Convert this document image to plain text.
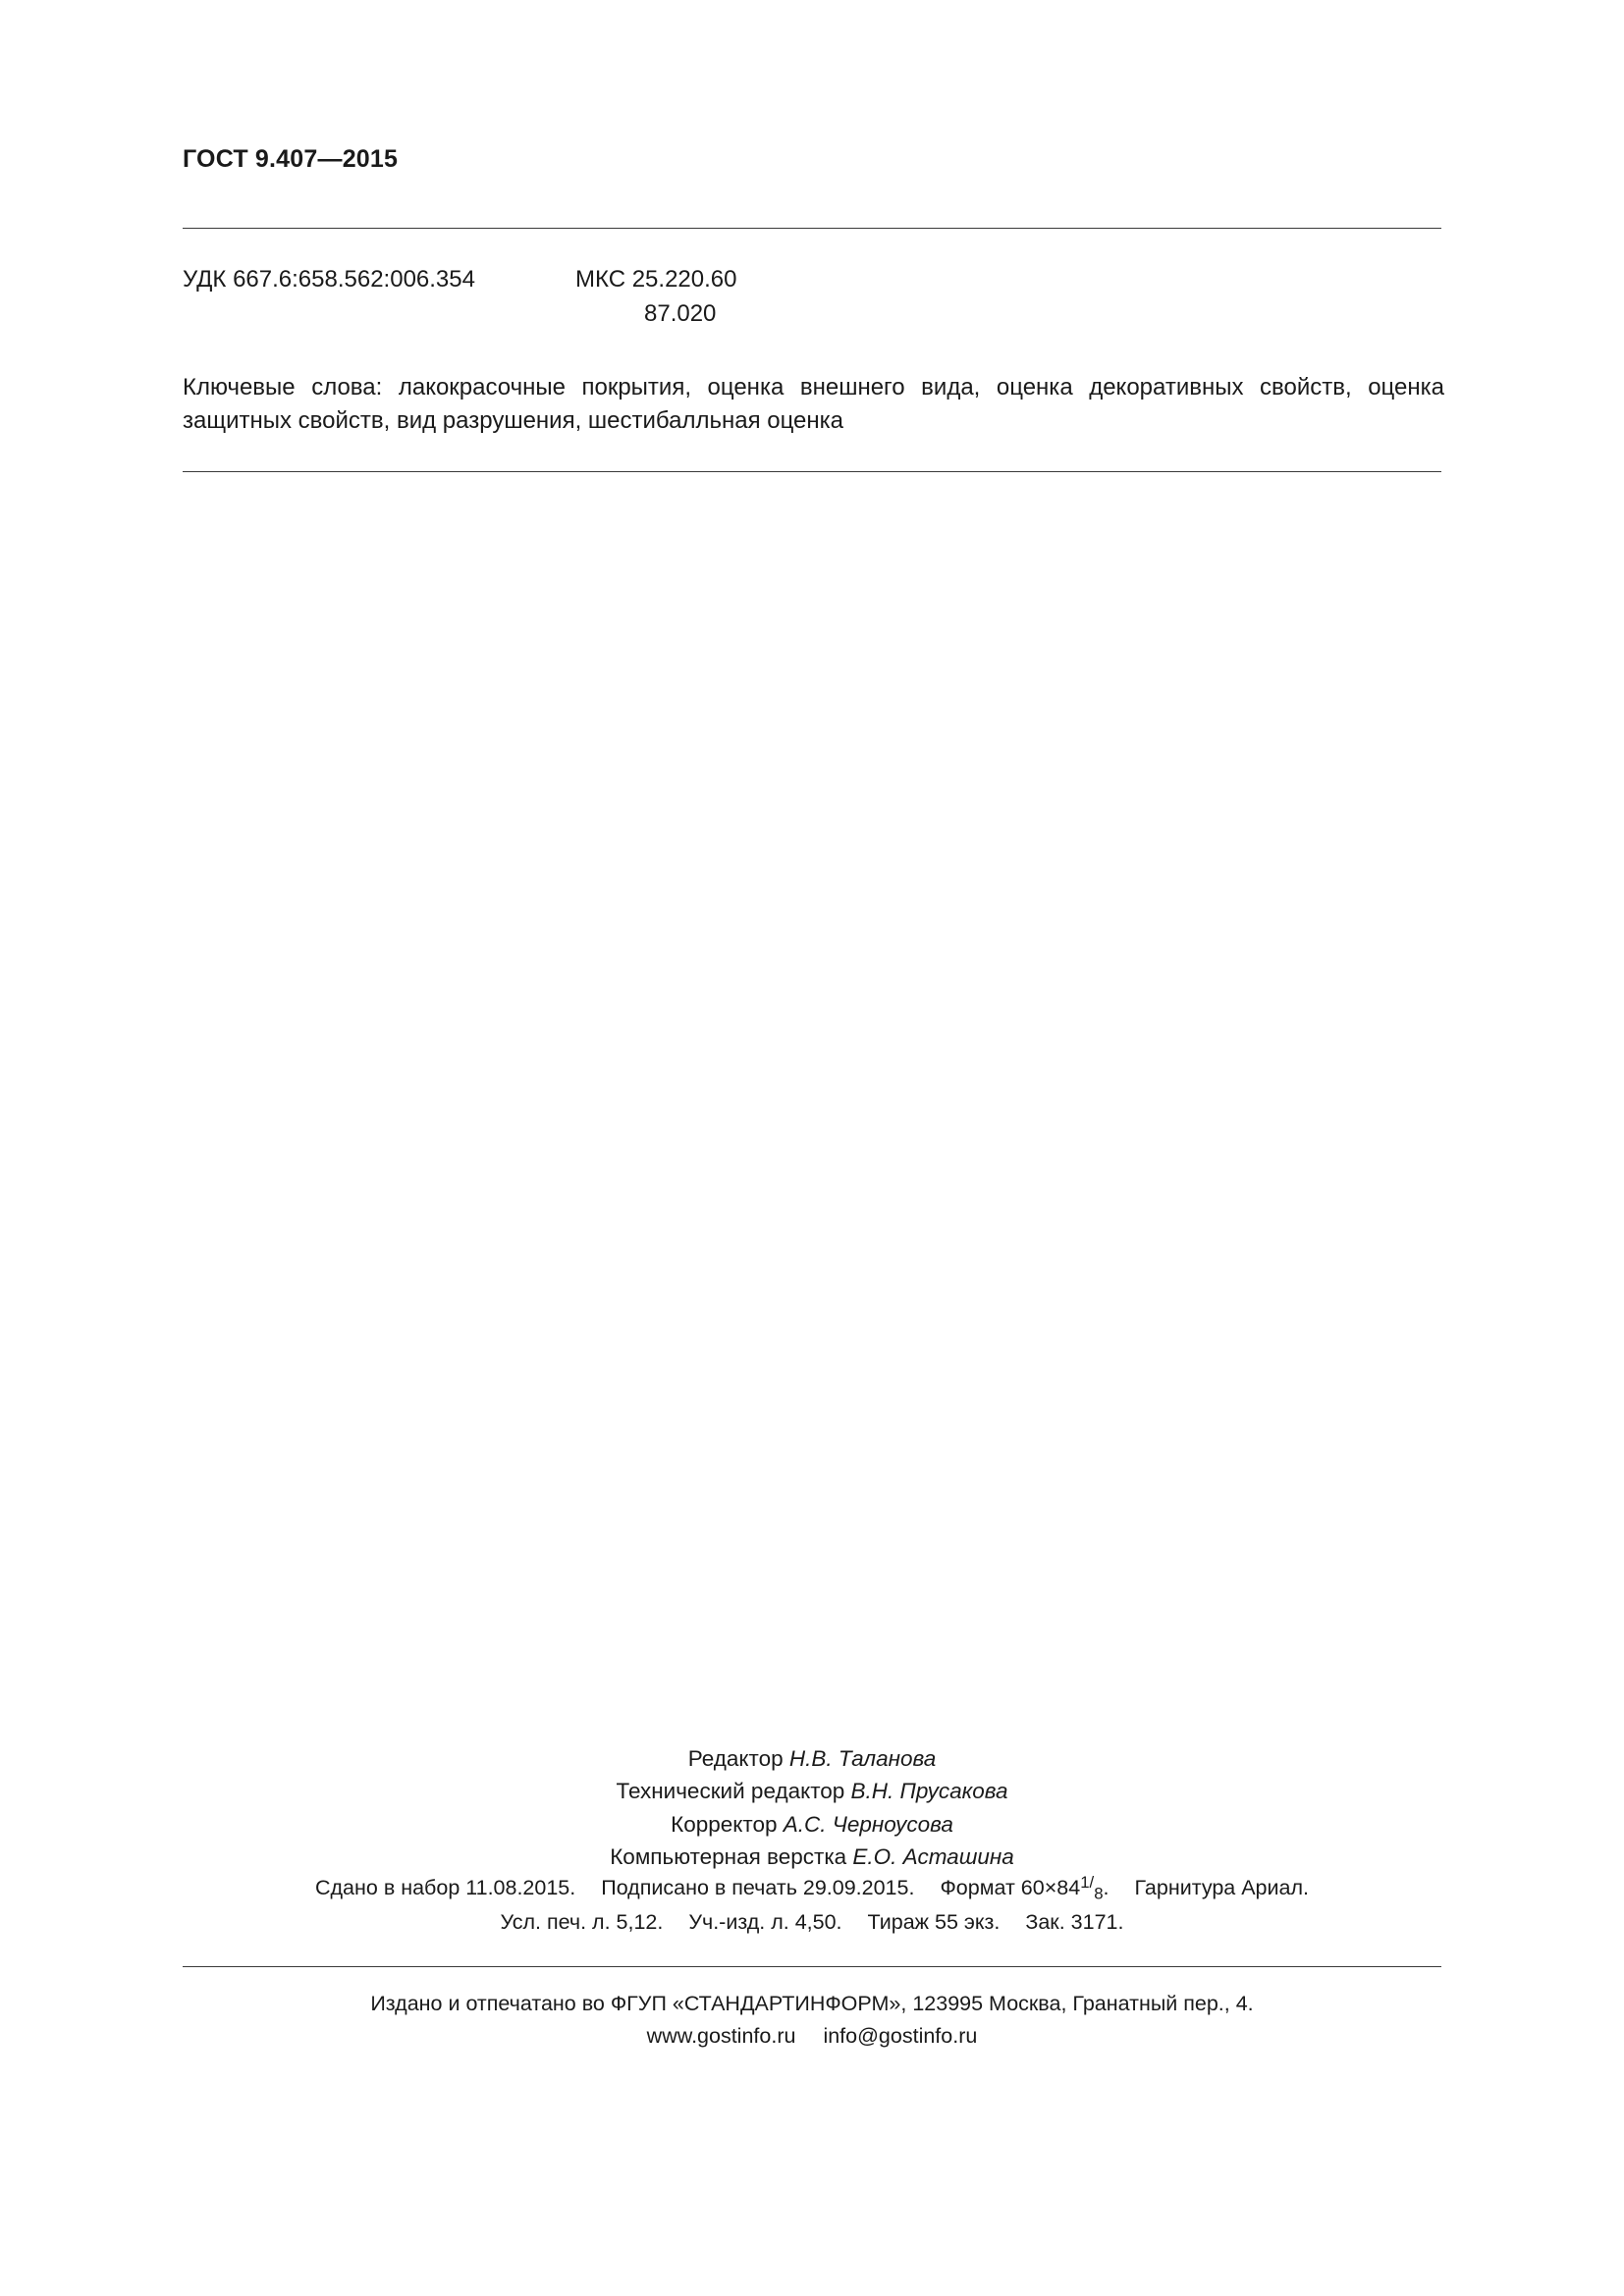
ГОСТ 9.407—2015
УДК 667.6:658.562:006.354	МКС 25.220.60
87.020
Ключевые слова: лакокрасочные покрытия, оценка внешнего вида, оценка декоративных свойств, оценка защитных свойств, вид разрушения, шестибалльная оценка
Редактор Н.В. Таланова
Технический редактор В.Н. Прусакова
Корректор А.С. Черноусова
Компьютерная верстка Е.О. Асташина
Сдано в набор 11.08.2015. Подписано в печать 29.09.2015. Формат $60\times 84^{1/}_8$. Гарнитура Ариал.
Усл. печ. л. 5,12. Уч.-изд. л. 4,50. Тираж 55 экз. Зак. 3171.
Издано и отпечатано во ФГУП «СТАНДАРТИНФОРМ», 123995 Москва, Гранатный пер., 4.
www.gostinfo.ru info@gostinfo.ru
